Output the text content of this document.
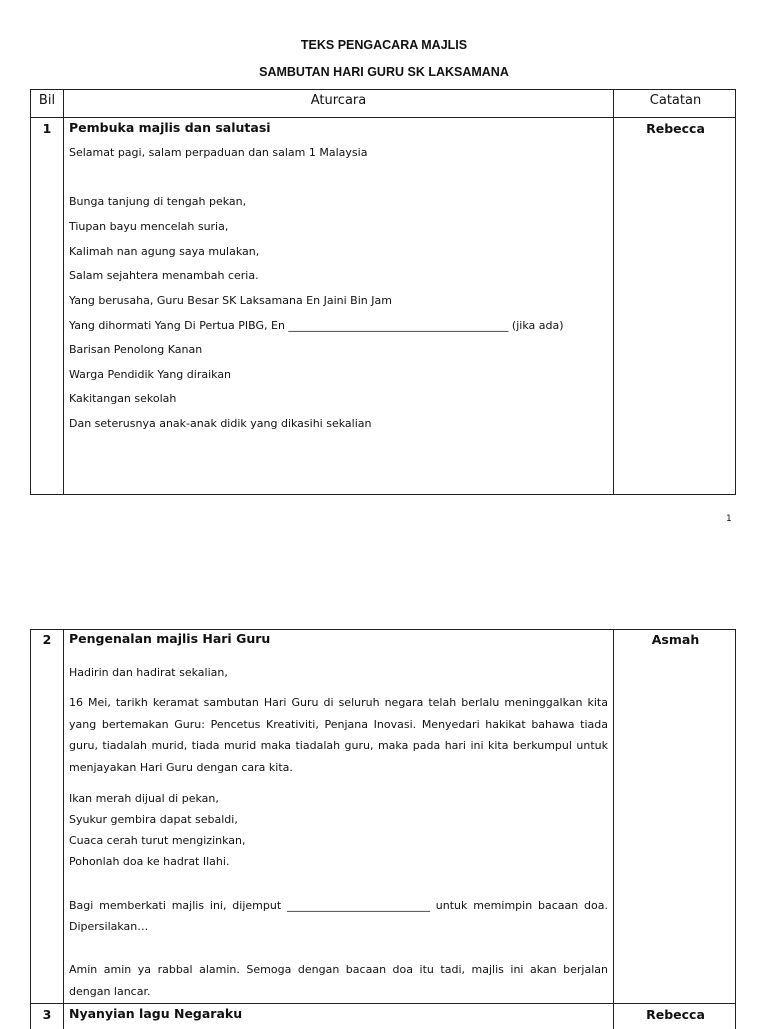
TEKS PENGACARA MAJLIS
SAMBUTAN HARI GURU SK LAKSAMANA
Bil	Aturcara	Catatan
1	Pembuka majlis dan salutasi	Rebecca
Selamat pagi, salam perpaduan dan salam 1 Malaysia
Bunga tanjung di tengah pekan,
Tiupan bayu mencelah suria,
Kalimah nan agung saya mulakan,
Salam sejahtera menambah ceria.
Yang berusaha, Guru Besar SK Laksamana En Jaini Bin Jam
Yang dihormati Yang Di Pertua PIBG, En ________________________________________ (jika ada)
Barisan Penolong Kanan
Warga Pendidik Yang diraikan
Kakitangan sekolah
Dan seterusnya anak-anak didik yang dikasihi sekalian
1
2	Pengenalan majlis Hari Guru	Asmah
Hadirin dan hadirat sekalian,
16 Mei, tarikh keramat sambutan Hari Guru di seluruh negara telah berlalu meninggalkan kita
yang bertemakan Guru: Pencetus Kreativiti, Penjana Inovasi. Menyedari hakikat bahawa tiada
guru, tiadalah murid, tiada murid maka tiadalah guru, maka pada hari ini kita berkumpul untuk
menjayakan Hari Guru dengan cara kita.
Ikan merah dijual di pekan,
Syukur gembira dapat sebaldi,
Cuaca cerah turut mengizinkan,
Pohonlah doa ke hadrat Ilahi.
Bagi memberkati majlis ini, dijemput __________________________ untuk memimpin bacaan doa.
Dipersilakan…
Amin amin ya rabbal alamin. Semoga dengan bacaan doa itu tadi, majlis ini akan berjalan
dengan lancar.
3	Nyanyian lagu Negaraku	Rebecca
